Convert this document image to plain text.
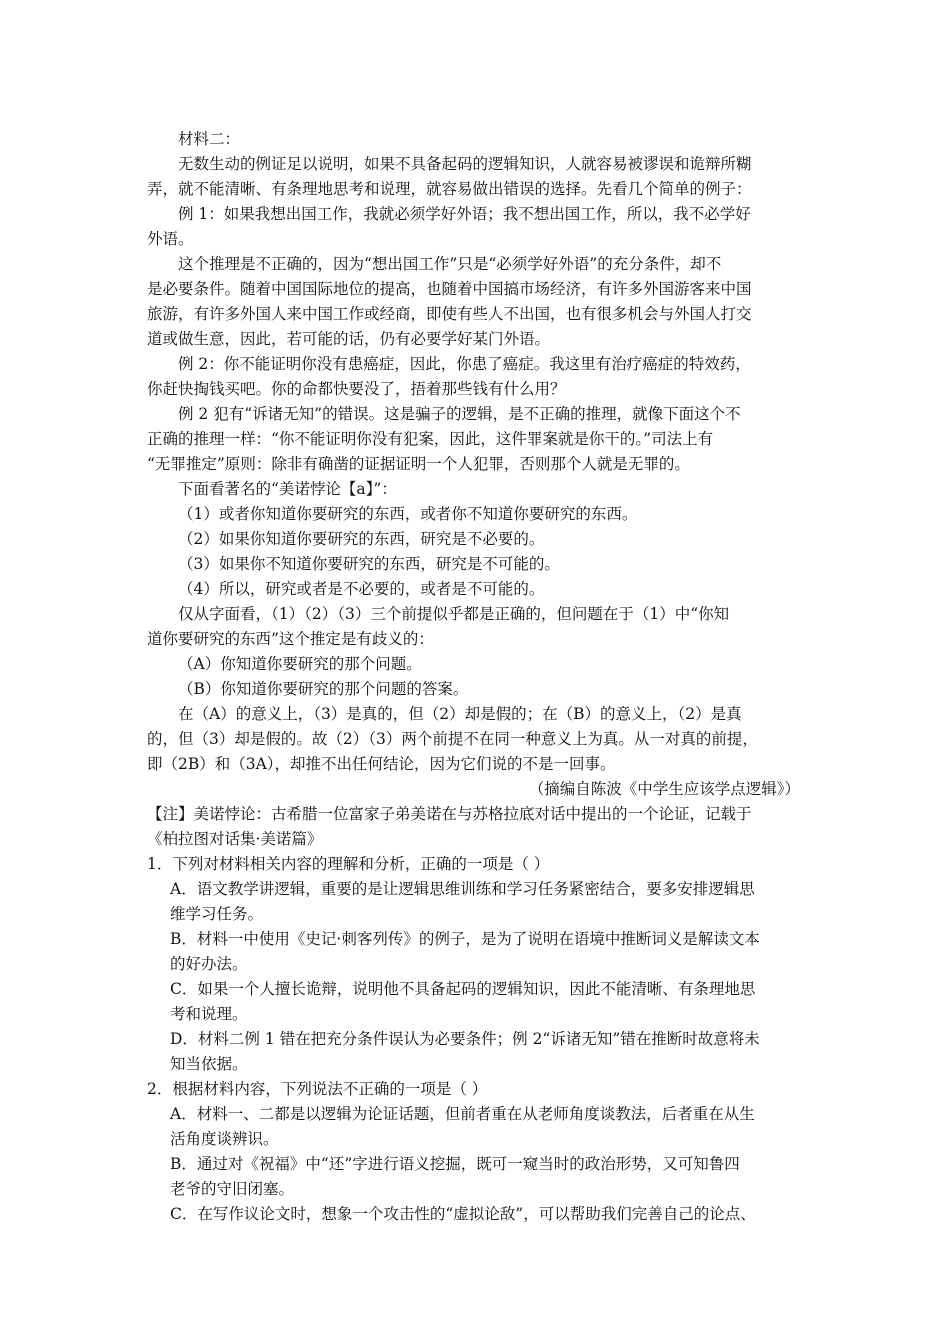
材料二：
无数生动的例证足以说明，如果不具备起码的逻辑知识，人就容易被谬误和诡辩所糊
弄，就不能清晰、有条理地思考和说理，就容易做出错误的选择。先看几个简单的例子：
例 1：如果我想出国工作，我就必须学好外语；我不想出国工作，所以，我不必学好
外语。
这个推理是不正确的，因为“想出国工作”只是“必须学好外语”的充分条件，却不
是必要条件。随着中国国际地位的提高，也随着中国搞市场经济，有许多外国游客来中国
旅游，有许多外国人来中国工作或经商，即使有些人不出国，也有很多机会与外国人打交
道或做生意，因此，若可能的话，仍有必要学好某门外语。
例 2：你不能证明你没有患癌症，因此，你患了癌症。我这里有治疗癌症的特效药，
你赶快掏钱买吧。你的命都快要没了，捂着那些钱有什么用？
例 2 犯有“诉诸无知”的错误。这是骗子的逻辑，是不正确的推理，就像下面这个不
正确的推理一样：“你不能证明你没有犯案，因此，这件罪案就是你干的。”司法上有
“无罪推定”原则：除非有确凿的证据证明一个人犯罪，否则那个人就是无罪的。
下面看著名的“美诺悖论【a】”：
（1）或者你知道你要研究的东西，或者你不知道你要研究的东西。
（2）如果你知道你要研究的东西，研究是不必要的。
（3）如果你不知道你要研究的东西，研究是不可能的。
（4）所以，研究或者是不必要的，或者是不可能的。
仅从字面看，（1）（2）（3）三个前提似乎都是正确的，但问题在于（1）中“你知
道你要研究的东西”这个推定是有歧义的：
（A）你知道你要研究的那个问题。
（B）你知道你要研究的那个问题的答案。
在（A）的意义上，（3）是真的，但（2）却是假的；在（B）的意义上，（2）是真
的，但（3）却是假的。故（2）（3）两个前提不在同一种意义上为真。从一对真的前提，
即（2B）和（3A），却推不出任何结论，因为它们说的不是一回事。
（摘编自陈波《中学生应该学点逻辑》）
【注】美诺悖论：古希腊一位富家子弟美诺在与苏格拉底对话中提出的一个论证，记载于
《柏拉图对话集·美诺篇》
1．下列对材料相关内容的理解和分析，正确的一项是（ ）
A．语文教学讲逻辑，重要的是让逻辑思维训练和学习任务紧密结合，要多安排逻辑思
维学习任务。
B．材料一中使用《史记·刺客列传》的例子，是为了说明在语境中推断词义是解读文本
的好办法。
C．如果一个人擅长诡辩，说明他不具备起码的逻辑知识，因此不能清晰、有条理地思
考和说理。
D．材料二例 1 错在把充分条件误认为必要条件；例 2“诉诸无知”错在推断时故意将未
知当依据。
2．根据材料内容，下列说法不正确的一项是（ ）
A．材料一、二都是以逻辑为论证话题，但前者重在从老师角度谈教法，后者重在从生
活角度谈辨识。
B．通过对《祝福》中“还”字进行语义挖掘，既可一窥当时的政治形势，又可知鲁四
老爷的守旧闭塞。
C．在写作议论文时，想象一个攻击性的“虚拟论敌”，可以帮助我们完善自己的论点、
